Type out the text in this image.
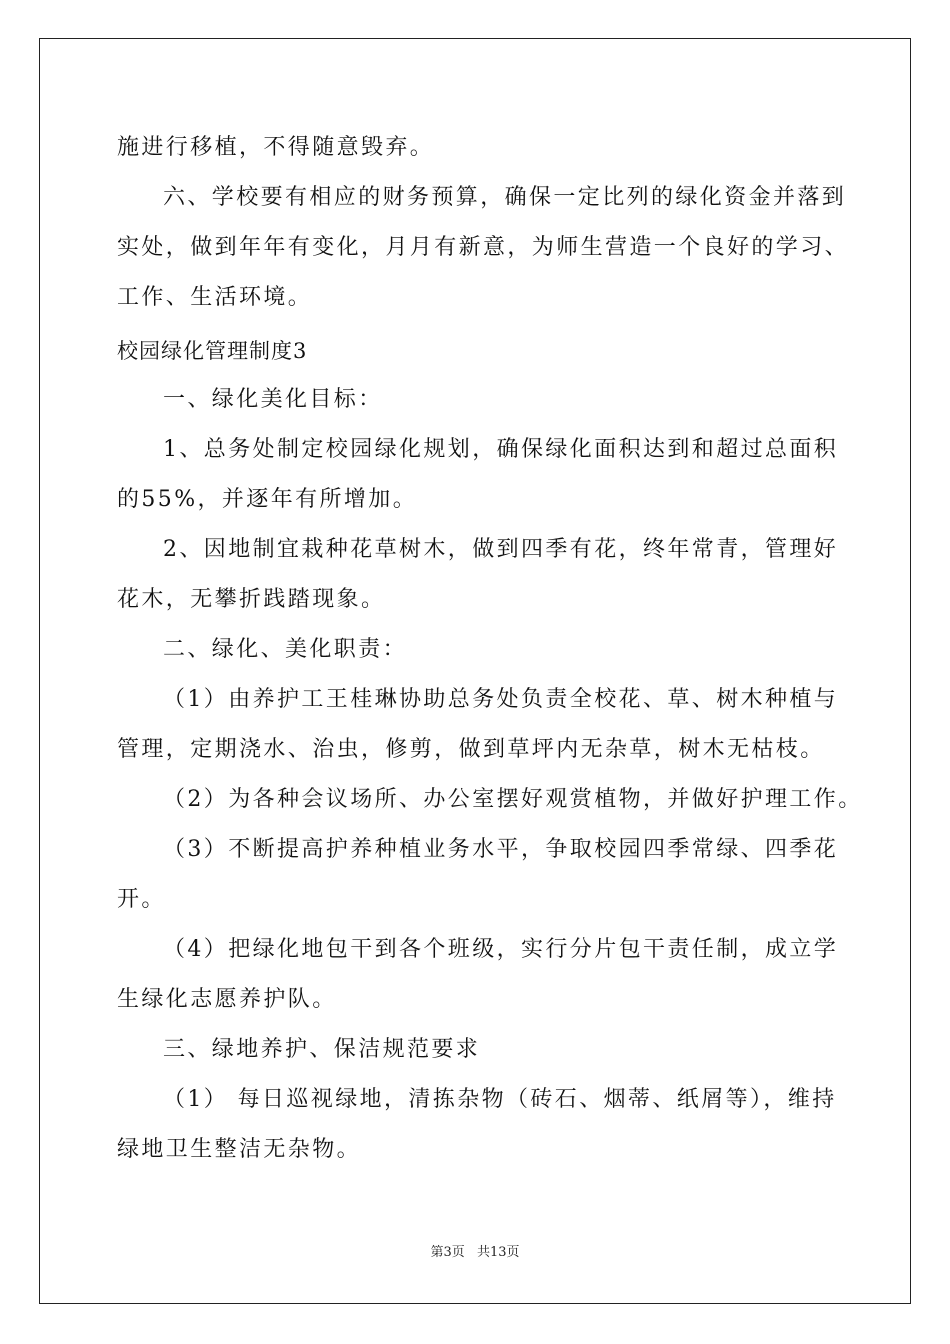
施进行移植，不得随意毁弃。
六、学校要有相应的财务预算，确保一定比列的绿化资金并落到
实处，做到年年有变化，月月有新意，为师生营造一个良好的学习、
工作、生活环境。
校园绿化管理制度3
一、绿化美化目标：
1、总务处制定校园绿化规划，确保绿化面积达到和超过总面积
的55%，并逐年有所增加。
2、因地制宜栽种花草树木，做到四季有花，终年常青，管理好
花木，无攀折践踏现象。
二、绿化、美化职责：
（1）由养护工王桂琳协助总务处负责全校花、草、树木种植与
管理，定期浇水、治虫，修剪，做到草坪内无杂草，树木无枯枝。
（2）为各种会议场所、办公室摆好观赏植物，并做好护理工作。
（3）不断提高护养种植业务水平，争取校园四季常绿、四季花
开。
（4）把绿化地包干到各个班级，实行分片包干责任制，成立学
生绿化志愿养护队。
三、绿地养护、保洁规范要求
（1） 每日巡视绿地，清拣杂物（砖石、烟蒂、纸屑等），维持
绿地卫生整洁无杂物。
第3页 共13页
